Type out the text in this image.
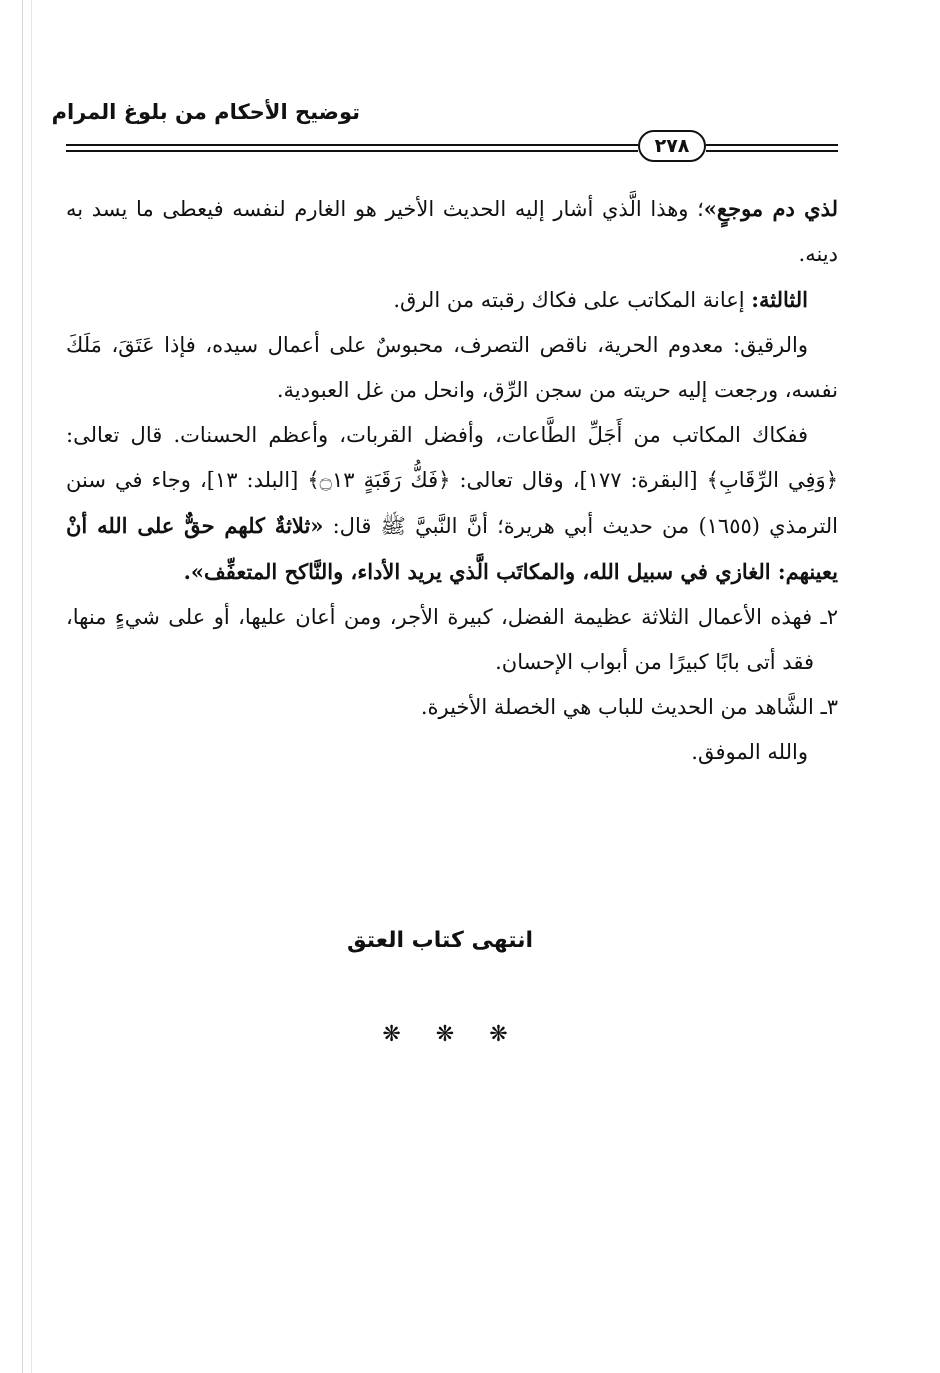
توضيح الأحكام من بلوغ المرام
٢٧٨

لذي دم موجعٍ»؛ وهذا الَّذي أشار إليه الحديث الأخير هو الغارم لنفسه فيعطى ما يسد به دينه.

الثالثة: إعانة المكاتب على فكاك رقبته من الرق.

والرقيق: معدوم الحرية، ناقص التصرف، محبوسٌ على أعمال سيده، فإذا عَتَقَ، مَلَكَ نفسه، ورجعت إليه حريته من سجن الرِّق، وانحل من غل العبودية.

ففكاك المكاتب من أَجَلِّ الطَّاعات، وأفضل القربات، وأعظم الحسنات. قال تعالى: ﴿وَفِي الرِّقَابِ﴾ [البقرة: ١٧٧]، وقال تعالى: ﴿فَكُّ رَقَبَةٍ ۝١٣﴾ [البلد: ١٣]، وجاء في سنن الترمذي (١٦٥٥) من حديث أبي هريرة؛ أنَّ النَّبيَّ ﷺ قال: «ثلاثةٌ كلهم حقٌّ على الله أنْ يعينهم: الغازي في سبيل الله، والمكاتَب الَّذي يريد الأداء، والنَّاكح المتعفِّف».

٢ـ فهذه الأعمال الثلاثة عظيمة الفضل، كبيرة الأجر، ومن أعان عليها، أو على شيءٍ منها، فقد أتى بابًا كبيرًا من أبواب الإحسان.

٣ـ الشَّاهد من الحديث للباب هي الخصلة الأخيرة.

والله الموفق.

انتهى كتاب العتق
❋ ❋ ❋
